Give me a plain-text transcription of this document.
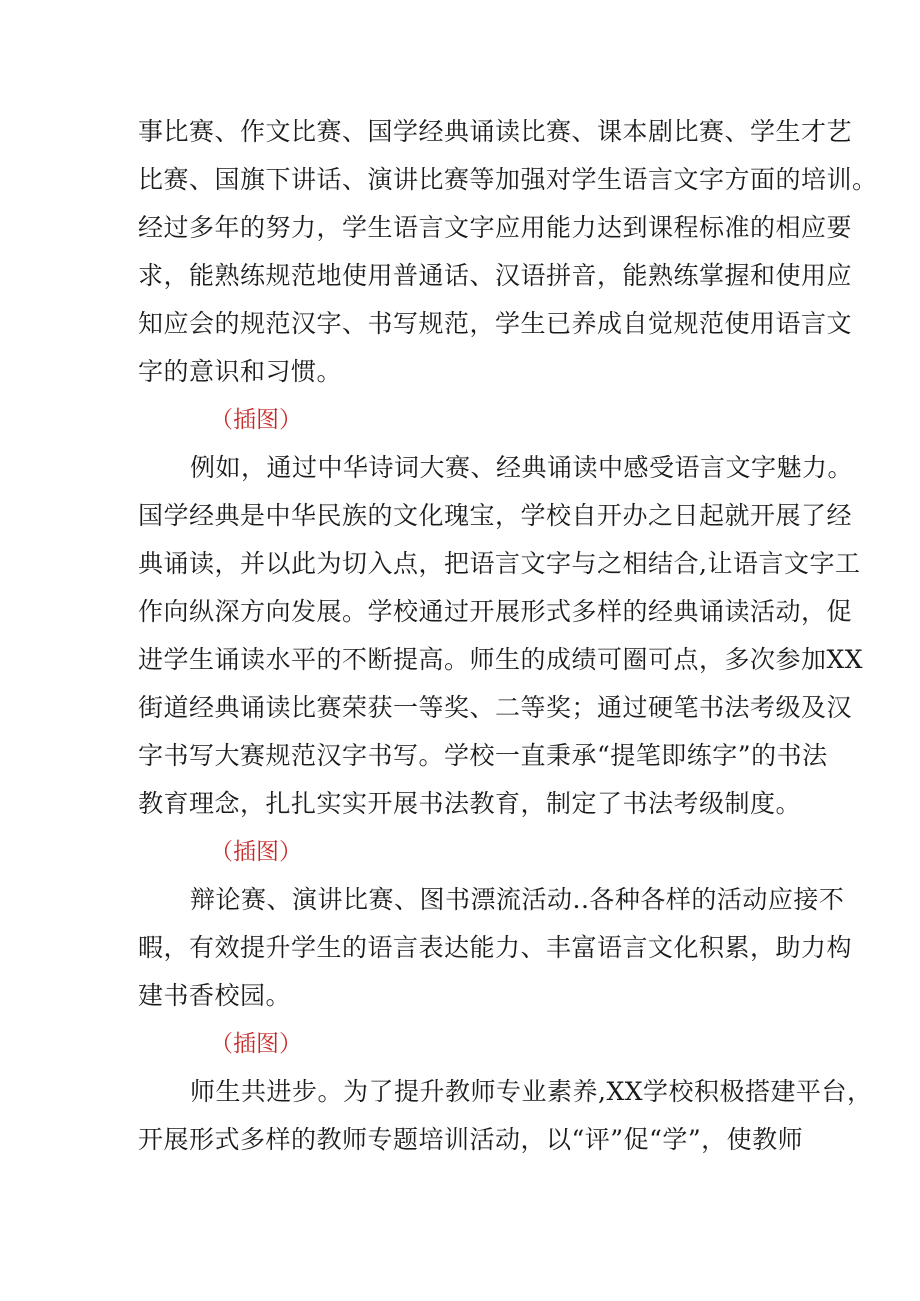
事比赛、作文比赛、国学经典诵读比赛、课本剧比赛、学生才艺
比赛、国旗下讲话、演讲比赛等加强对学生语言文字方面的培训。
经过多年的努力，学生语言文字应用能力达到课程标准的相应要
求，能熟练规范地使用普通话、汉语拼音，能熟练掌握和使用应
知应会的规范汉字、书写规范，学生已养成自觉规范使用语言文
字的意识和习惯。
（插图）
例如，通过中华诗词大赛、经典诵读中感受语言文字魅力。
国学经典是中华民族的文化瑰宝，学校自开办之日起就开展了经
典诵读，并以此为切入点，把语言文字与之相结合,让语言文字工
作向纵深方向发展。学校通过开展形式多样的经典诵读活动，促
进学生诵读水平的不断提高。师生的成绩可圈可点，多次参加XX
街道经典诵读比赛荣获一等奖、二等奖；通过硬笔书法考级及汉
字书写大赛规范汉字书写。学校一直秉承“提笔即练字”的书法
教育理念，扎扎实实开展书法教育，制定了书法考级制度。
（插图）
辩论赛、演讲比赛、图书漂流活动..各种各样的活动应接不
暇，有效提升学生的语言表达能力、丰富语言文化积累，助力构
建书香校园。
（插图）
师生共进步。为了提升教师专业素养,XX学校积极搭建平台，
开展形式多样的教师专题培训活动，以“评”促“学”，使教师
